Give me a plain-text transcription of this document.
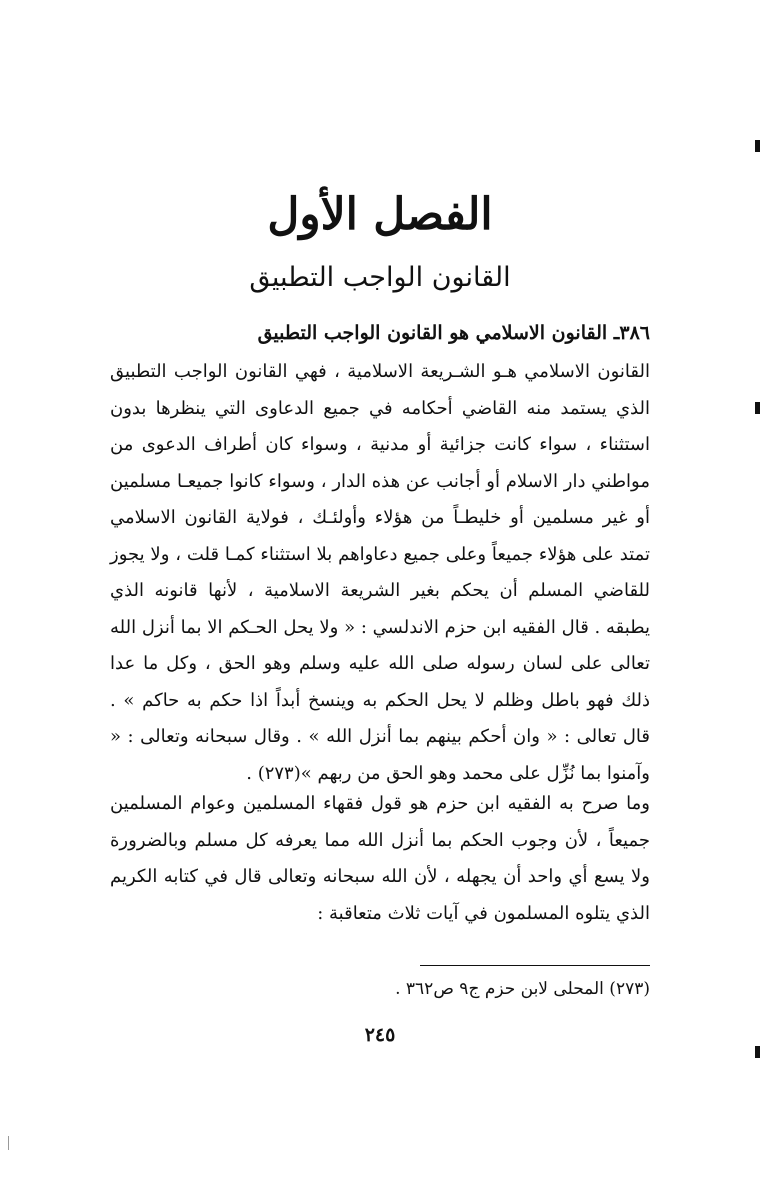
الفصل الأول
القانون الواجب التطبيق
٣٨٦ـ القانون الاسلامي هو القانون الواجب التطبيق

القانون الاسلامي هـو الشـريعة الاسلامية ، فهي القانون الواجب التطبيق الذي يستمد منه القاضي أحكامه في جميع الدعاوى التي ينظرها بدون استثناء ، سواء كانت جزائية أو مدنية ، وسواء كان أطراف الدعوى من مواطني دار الاسلام أو أجانب عن هذه الدار ، وسواء كانوا جميعـا مسلمين أو غير مسلمين أو خليطـاً من هؤلاء وأولئـك ، فولاية القانون الاسلامي تمتد على هؤلاء جميعاً وعلى جميع دعاواهم بلا استثناء كمـا قلت ، ولا يجوز للقاضي المسلم أن يحكم بغير الشريعة الاسلامية ، لأنها قانونه الذي يطبقه . قال الفقيه ابن حزم الاندلسي : « ولا يحل الحـكم الا بما أنزل الله تعالى على لسان رسوله صلى الله عليه وسلم وهو الحق ، وكل ما عدا ذلك فهو باطل وظلم لا يحل الحكم به وينسخ أبداً اذا حكم به حاكم » . قال تعالى : « وان أحكم بينهم بما أنزل الله » . وقال سبحانه وتعالى : « وآمنوا بما نُزِّل على محمد وهو الحق من ربهم »(٢٧٣) .

وما صرح به الفقيه ابن حزم هو قول فقهاء المسلمين وعوام المسلمين جميعاً ، لأن وجوب الحكم بما أنزل الله مما يعرفه كل مسلم وبالضرورة ولا يسع أي واحد أن يجهله ، لأن الله سبحانه وتعالى قال في كتابه الكريم الذي يتلوه المسلمون في آيات ثلاث متعاقبة :

(٢٧٣) المحلى لابن حزم ج٩ ص٣٦٢ .
٢٤٥
